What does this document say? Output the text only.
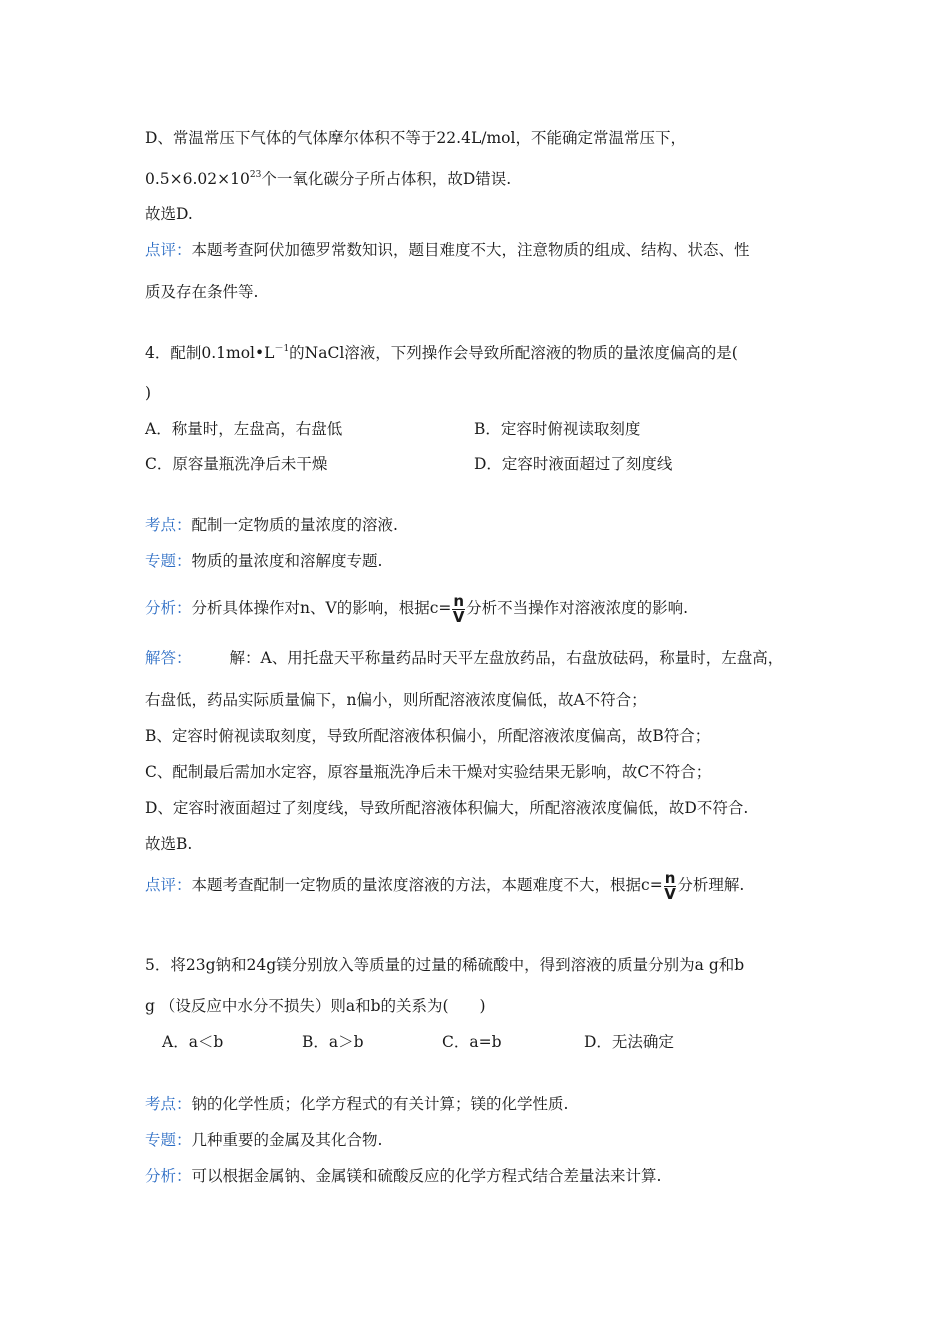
D、常温常压下气体的气体摩尔体积不等于22.4L/mol，不能确定常温常压下，
$0.5\times 6.02\times 10^{23}$个一氧化碳分子所占体积，故D错误.
故选D.
点评：本题考查阿伏加德罗常数知识，题目难度不大，注意物质的组成、结构、状态、性
质及存在条件等.
4．配制$0.1mol•L^{-1}$的NaCl溶液，下列操作会导致所配溶液的物质的量浓度偏高的是(
)
A．称量时，左盘高，右盘低	B．定容时俯视读取刻度
C．原容量瓶洗净后未干燥	D．定容时液面超过了刻度线
考点：配制一定物质的量浓度的溶液.
专题：物质的量浓度和溶解度专题.
分析：分析具体操作对n、V的影响，根据$c= \frac{n}{V}$ 分析不当操作对溶液浓度的影响.
解答： 解：A、用托盘天平称量药品时天平左盘放药品，右盘放砝码，称量时，左盘高，
右盘低，药品实际质量偏下，n偏小，则所配溶液浓度偏低，故A不符合；
B、定容时俯视读取刻度，导致所配溶液体积偏小，所配溶液浓度偏高，故B符合；
C、配制最后需加水定容，原容量瓶洗净后未干燥对实验结果无影响，故C不符合；
D、定容时液面超过了刻度线，导致所配溶液体积偏大，所配溶液浓度偏低，故D不符合.
故选B.
点评：本题考查配制一定物质的量浓度溶液的方法，本题难度不大，根据$c= \frac{n}{V}$ 分析理解.
5．将23g钠和24g镁分别放入等质量的过量的稀硫酸中，得到溶液的质量分别为a g和b
g （设反应中水分不损失）则a和b的关系为(　　)
A．a＜b	B．a＞b	C．a=b	D．无法确定
考点：钠的化学性质；化学方程式的有关计算；镁的化学性质.
专题：几种重要的金属及其化合物.
分析：可以根据金属钠、金属镁和硫酸反应的化学方程式结合差量法来计算.
